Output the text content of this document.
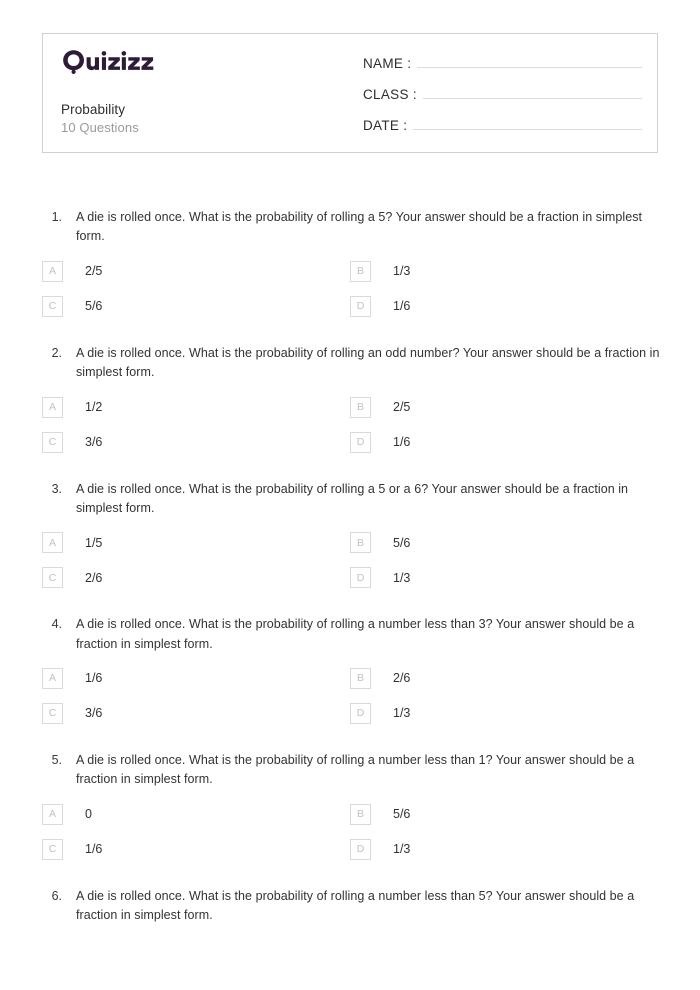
Probability
10 Questions
NAME :
CLASS :
DATE :
1.	A die is rolled once. What is the probability of rolling a 5? Your answer should be a fraction in simplest form.
A	2/5	B	1/3
C	5/6	D	1/6
2.	A die is rolled once. What is the probability of rolling an odd number? Your answer should be a fraction in simplest form.
A	1/2	B	2/5
C	3/6	D	1/6
3.	A die is rolled once. What is the probability of rolling a 5 or a 6? Your answer should be a fraction in simplest form.
A	1/5	B	5/6
C	2/6	D	1/3
4.	A die is rolled once. What is the probability of rolling a number less than 3? Your answer should be a fraction in simplest form.
A	1/6	B	2/6
C	3/6	D	1/3
5.	A die is rolled once. What is the probability of rolling a number less than 1? Your answer should be a fraction in simplest form.
A	0	B	5/6
C	1/6	D	1/3
6.	A die is rolled once. What is the probability of rolling a number less than 5? Your answer should be a fraction in simplest form.
